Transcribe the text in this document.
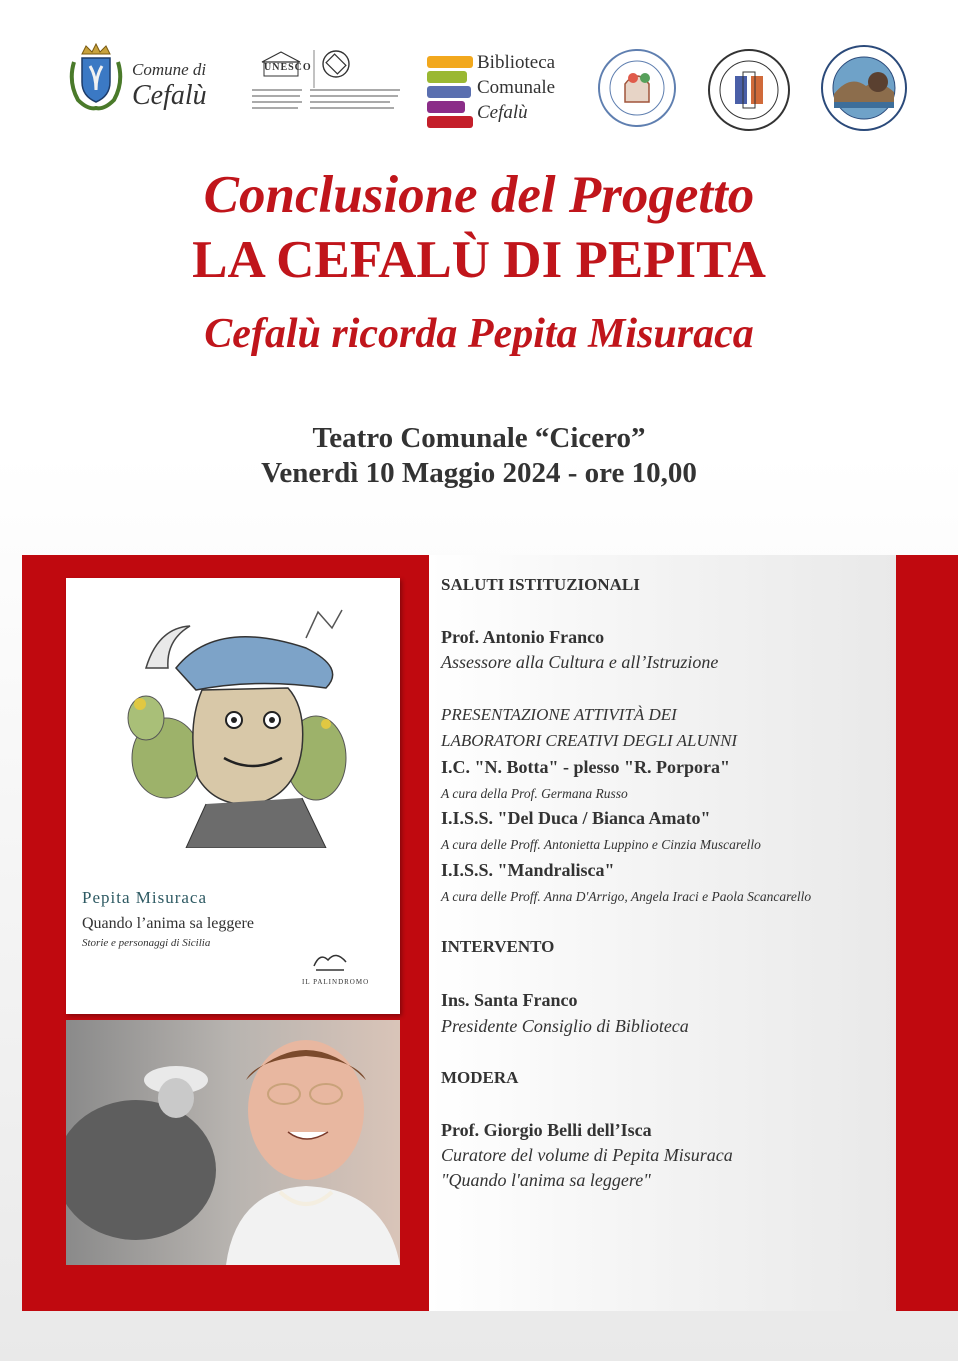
Comune di
Cefalù
UNESCO	Biblioteca
Comunale
Cefalù
Conclusione del Progetto
LA CEFALÙ DI PEPITA
Cefalù ricorda Pepita Misuraca
Teatro Comunale “Cicero”
Venerdì 10 Maggio 2024 - ore 10,00
Pepita Misuraca
Quando l’anima sa leggere
Storie e personaggi di Sicilia
IL PALINDROMO
SALUTI ISTITUZIONALI
Prof. Antonio Franco
Assessore alla Cultura e all’Istruzione
PRESENTAZIONE ATTIVITÀ DEI
LABORATORI CREATIVI DEGLI ALUNNI
I.C. "N. Botta" - plesso "R. Porpora"
A cura della Prof. Germana Russo
I.I.S.S. "Del Duca / Bianca Amato"
A cura delle Proff. Antonietta Luppino e Cinzia Muscarello
I.I.S.S. "Mandralisca"
A cura delle Proff. Anna D'Arrigo, Angela Iraci e Paola Scancarello
INTERVENTO
Ins. Santa Franco
Presidente Consiglio di Biblioteca
MODERA
Prof. Giorgio Belli dell’Isca
Curatore del volume di Pepita Misuraca
"Quando l'anima sa leggere"
